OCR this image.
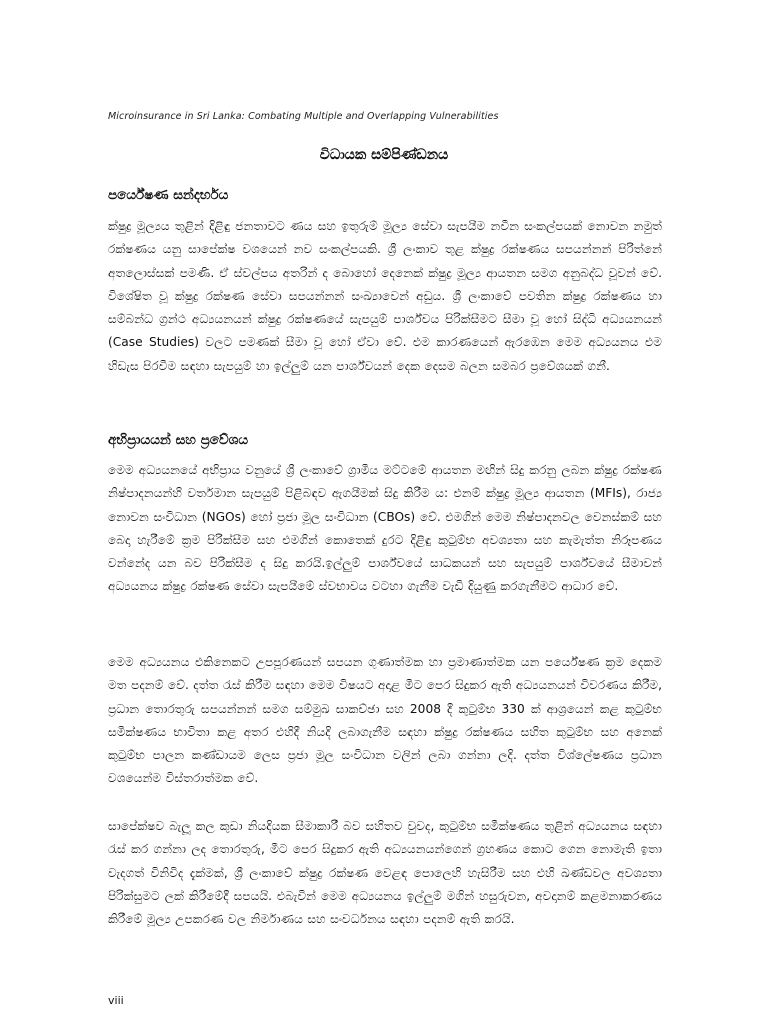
Microinsurance in Sri Lanka: Combating Multiple and Overlapping Vulnerabilities
විධායක සම්පිණ්ඩනය
පර්යේෂණ සන්දර්භය

ක්ෂුද්‍ර මූල්‍යය තුළින් දිළිඳු ජනතාවට ණය සහ ඉතුරුම් මූල්‍ය සේවා සැපයීම නවීන සංකල්පයක් නොවන නමුත් රක්ෂණය යනු සාපේක්ෂ වශයෙන් නව සංකල්පයකි. ශ්‍රී ලංකාව තුළ ක්ෂුද්‍ර රක්ෂණය සපයන්නන් පිරිත්නේ අතලොස්සක් පමණි. ඒ ස්වල්පය අතරින් ද බොහෝ දෙනෙක් ක්ෂුද්‍ර මූල්‍ය ආයතන සමග අනුබද්ධ වූවන් වේ. විශේෂිත වූ ක්ෂුද්‍ර රක්ෂණ සේවා සපයන්නන් සංඛ්‍යාවෙන් අඩුය. ශ්‍රී ලංකාවේ පවතින ක්ෂුද්‍ර රක්ෂණය හා සම්බන්ධ ග්‍රන්ථ අධ්‍යයනයන් ක්ෂුද්‍ර රක්ෂණයේ සැපයුම් පාර්ශ්වය පිරික්සීමට සීමා වූ හෝ සිද්ධි අධ්‍යයනයන් (Case Studies) වලට පමණක් සීමා වූ හෝ ඒවා වේ. එම කාරණයෙන් ඇරඹෙන මෙම අධ්‍යයනය එම හිඩැස පිරවීම සඳහා සැපයුම් හා ඉල්ලුම් යන පාර්ශ්වයන් දෙක දෙසම බලන සමබර ප්‍රවේශයක් ගනී.

අභිප්‍රායයන් සහ ප්‍රවේශය

මෙම අධ්‍යයනයේ අභිප්‍රාය වනුයේ ශ්‍රී ලංකාවේ ග්‍රාමීය මට්ටමේ ආයතන මඟින් සිදු කරනු ලබන ක්ෂුද්‍ර රක්ෂණ නිෂ්පාදනයන්හි වර්තමාන සැපයුම් පිළිබඳව ඇගයීමක් සිදු කිරීම ය: එනම් ක්ෂුද්‍ර මූල්‍ය ආයතන (MFIs), රාජ්‍ය නොවන සංවිධාන (NGOs) හෝ ප්‍රජා මූල සංවිධාන (CBOs) වේ. එමගින් මෙම නිෂ්පාදනවල වෙනස්කම් සහ බෙදා හැරීමේ ක්‍රම පිරික්සීම සහ එමගින් කොතෙක් දුරට දිළිඳු කුටුම්භ අවශ්‍යතා සහ කැමැත්ත නිරූපණය වන්නේද යන බව පිරික්සීම ද සිදු කරයි.ඉල්ලුම් පාර්ශ්වයේ සාධකයන් සහ සැපයුම් පාර්ශ්වයේ සීමාවන් අධ්‍යයනය ක්ෂුද්‍ර රක්ෂණ සේවා සැපයීමේ ස්වභාවය වටහා ගැනීම වැඩි දියුණු කරගැනීමට ආධාර වේ.

මෙම අධ්‍යයනය එකිනෙකට උපපූරණයන් සපයන ගුණාත්මක හා ප්‍රමාණාත්මක යන පර්යේෂණ ක්‍රම දෙකම මත පදනම් වේ. දත්ත රැස් කිරීම සඳහා මෙම විෂයට අදාළ මීට පෙර සිදුකර ඇති අධ්‍යයනයන් විවරණය කිරීම, ප්‍රධාන තොරතුරු සපයන්නන් සමග සම්මුඛ සාකච්ඡා සහ 2008 දී කුටුම්භ 330 ක් ආශ්‍රයෙන් කළ කුටුම්භ සමීක්ෂණය භාවිතා කළ අතර එහිදී නියදි ලබාගැනීම සඳහා ක්ෂුද්‍ර රක්ෂණය සහිත කුටුම්භ සහ අනෙක් කුටුම්භ පාලන කණ්ඩායම ලෙස ප්‍රජා මූල සංවිධාන වලින් ලබා ගන්නා ලදි. දත්ත විශ්ලේෂණය ප්‍රධාන වශයෙන්ම විස්තරාත්මක වේ.

සාපේක්ෂව බැලූ කල කුඩා නියදියක සීමාකාරී බව සහිතව වුවද, කුටුම්භ සමීක්ෂණය තුළින් අධ්‍යයනය සඳහා රැස් කර ගන්නා ලද තොරතුරු, මීට පෙර සිදුකර ඇති අධ්‍යයනයන්ගෙන් ග්‍රහණය කොට ගෙන නොමැති ඉතා වැදගත් විනිවිද දැක්මක්, ශ්‍රී ලංකාවේ ක්ෂුද්‍ර රක්ෂණ වෙළඳ පොලෙහි හැසිරීම සහ එහි ඛණ්ඩවල අවශ්‍යතා පිරික්සුමට ලක් කිරීමේදී සපයයි. එබැවින් මෙම අධ්‍යයනය ඉල්ලුම් මගින් හසුරුවන, අවදානම් කළමනාකරණය කිරීමේ මූල්‍ය උපකරණ වල නිර්මාණය සහ සංවර්ධනය සඳහා පදනම් ඇති කරයි.

viii
